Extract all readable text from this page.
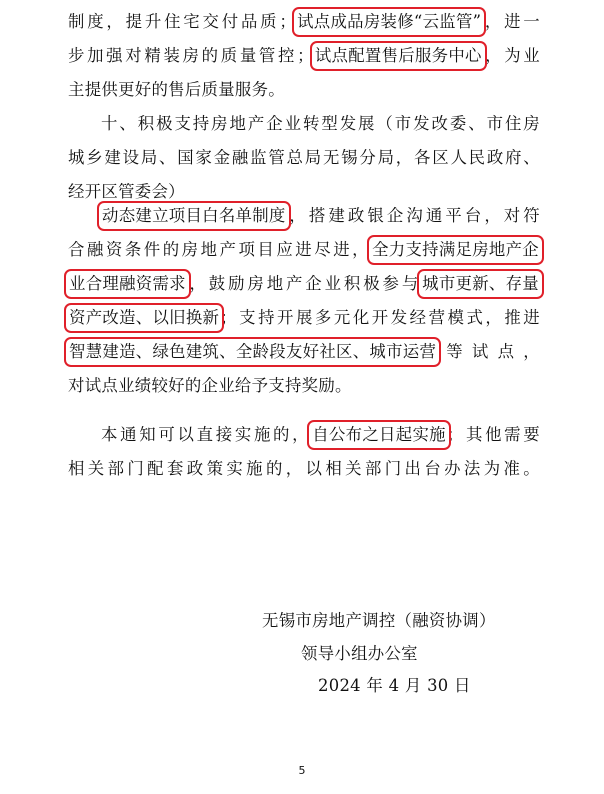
制度，提升住宅交付品质；试点成品房装修“云监管”，进一
步加强对精装房的质量管控；试点配置售后服务中心，为业
主提供更好的售后质量服务。
十、积极支持房地产企业转型发展（市发改委、市住房
城乡建设局、国家金融监管总局无锡分局，各区人民政府、
经开区管委会）
动态建立项目白名单制度，搭建政银企沟通平台，对符
合融资条件的房地产项目应进尽进，全力支持满足房地产企
业合理融资需求，鼓励房地产企业积极参与城市更新、存量
资产改造、以旧换新；支持开展多元化开发经营模式，推进
智慧建造、绿色建筑、全龄段友好社区、城市运营等试点，
对试点业绩较好的企业给予支持奖励。
本通知可以直接实施的，自公布之日起实施；其他需要
相关部门配套政策实施的，以相关部门出台办法为准。
无锡市房地产调控（融资协调）
领导小组办公室
2024 年 4 月 30 日
5
